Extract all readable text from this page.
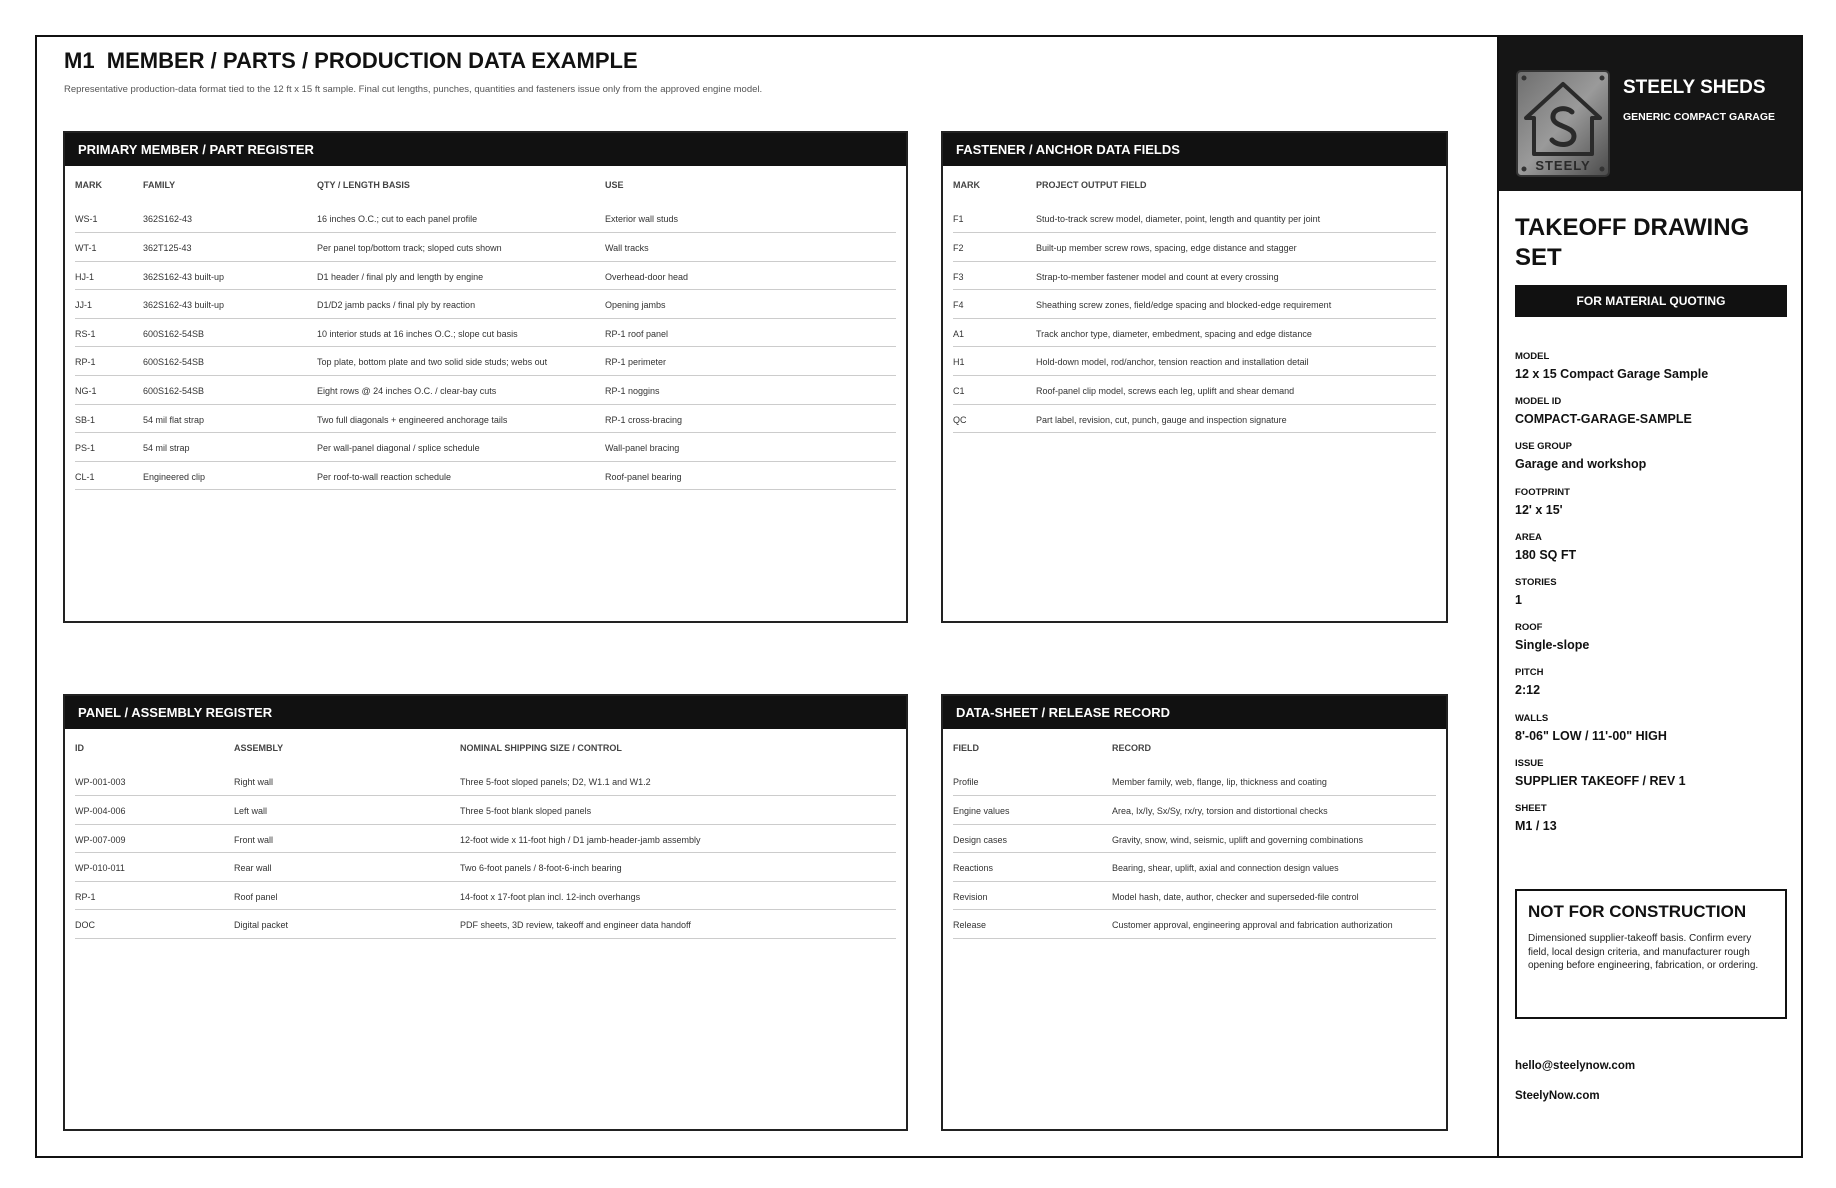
M1  MEMBER / PARTS / PRODUCTION DATA EXAMPLE
Representative production-data format tied to the 12 ft x 15 ft sample. Final cut lengths, punches, quantities and fasteners issue only from the approved engine model.
PRIMARY MEMBER / PART REGISTER
MARK	FAMILY	QTY / LENGTH BASIS	USE
WS-1	362S162-43	16 inches O.C.; cut to each panel profile	Exterior wall studs
WT-1	362T125-43	Per panel top/bottom track; sloped cuts shown	Wall tracks
HJ-1	362S162-43 built-up	D1 header / final ply and length by engine	Overhead-door head
JJ-1	362S162-43 built-up	D1/D2 jamb packs / final ply by reaction	Opening jambs
RS-1	600S162-54SB	10 interior studs at 16 inches O.C.; slope cut basis	RP-1 roof panel
RP-1	600S162-54SB	Top plate, bottom plate and two solid side studs; webs out	RP-1 perimeter
NG-1	600S162-54SB	Eight rows @ 24 inches O.C. / clear-bay cuts	RP-1 noggins
SB-1	54 mil flat strap	Two full diagonals + engineered anchorage tails	RP-1 cross-bracing
PS-1	54 mil strap	Per wall-panel diagonal / splice schedule	Wall-panel bracing
CL-1	Engineered clip	Per roof-to-wall reaction schedule	Roof-panel bearing
FASTENER / ANCHOR DATA FIELDS
MARK	PROJECT OUTPUT FIELD
F1	Stud-to-track screw model, diameter, point, length and quantity per joint
F2	Built-up member screw rows, spacing, edge distance and stagger
F3	Strap-to-member fastener model and count at every crossing
F4	Sheathing screw zones, field/edge spacing and blocked-edge requirement
A1	Track anchor type, diameter, embedment, spacing and edge distance
H1	Hold-down model, rod/anchor, tension reaction and installation detail
C1	Roof-panel clip model, screws each leg, uplift and shear demand
QC	Part label, revision, cut, punch, gauge and inspection signature
PANEL / ASSEMBLY REGISTER
ID	ASSEMBLY	NOMINAL SHIPPING SIZE / CONTROL
WP-001-003	Right wall	Three 5-foot sloped panels; D2, W1.1 and W1.2
WP-004-006	Left wall	Three 5-foot blank sloped panels
WP-007-009	Front wall	12-foot wide x 11-foot high / D1 jamb-header-jamb assembly
WP-010-011	Rear wall	Two 6-foot panels / 8-foot-6-inch bearing
RP-1	Roof panel	14-foot x 17-foot plan incl. 12-inch overhangs
DOC	Digital packet	PDF sheets, 3D review, takeoff and engineer data handoff
DATA-SHEET / RELEASE RECORD
FIELD	RECORD
Profile	Member family, web, flange, lip, thickness and coating
Engine values	Area, Ix/Iy, Sx/Sy, rx/ry, torsion and distortional checks
Design cases	Gravity, snow, wind, seismic, uplift and governing combinations
Reactions	Bearing, shear, uplift, axial and connection design values
Revision	Model hash, date, author, checker and superseded-file control
Release	Customer approval, engineering approval and fabrication authorization
STEELY
STEELY SHEDS
GENERIC COMPACT GARAGE
TAKEOFF DRAWING SET
FOR MATERIAL QUOTING
MODEL
12 x 15 Compact Garage Sample
MODEL ID
COMPACT-GARAGE-SAMPLE
USE GROUP
Garage and workshop
FOOTPRINT
12' x 15'
AREA
180 SQ FT
STORIES
1
ROOF
Single-slope
PITCH
2:12
WALLS
8'-06" LOW / 11'-00" HIGH
ISSUE
SUPPLIER TAKEOFF / REV 1
SHEET
M1 / 13
NOT FOR CONSTRUCTION
Dimensioned supplier-takeoff basis. Confirm every field, local design criteria, and manufacturer rough opening before engineering, fabrication, or ordering.
hello@steelynow.com
SteelyNow.com
